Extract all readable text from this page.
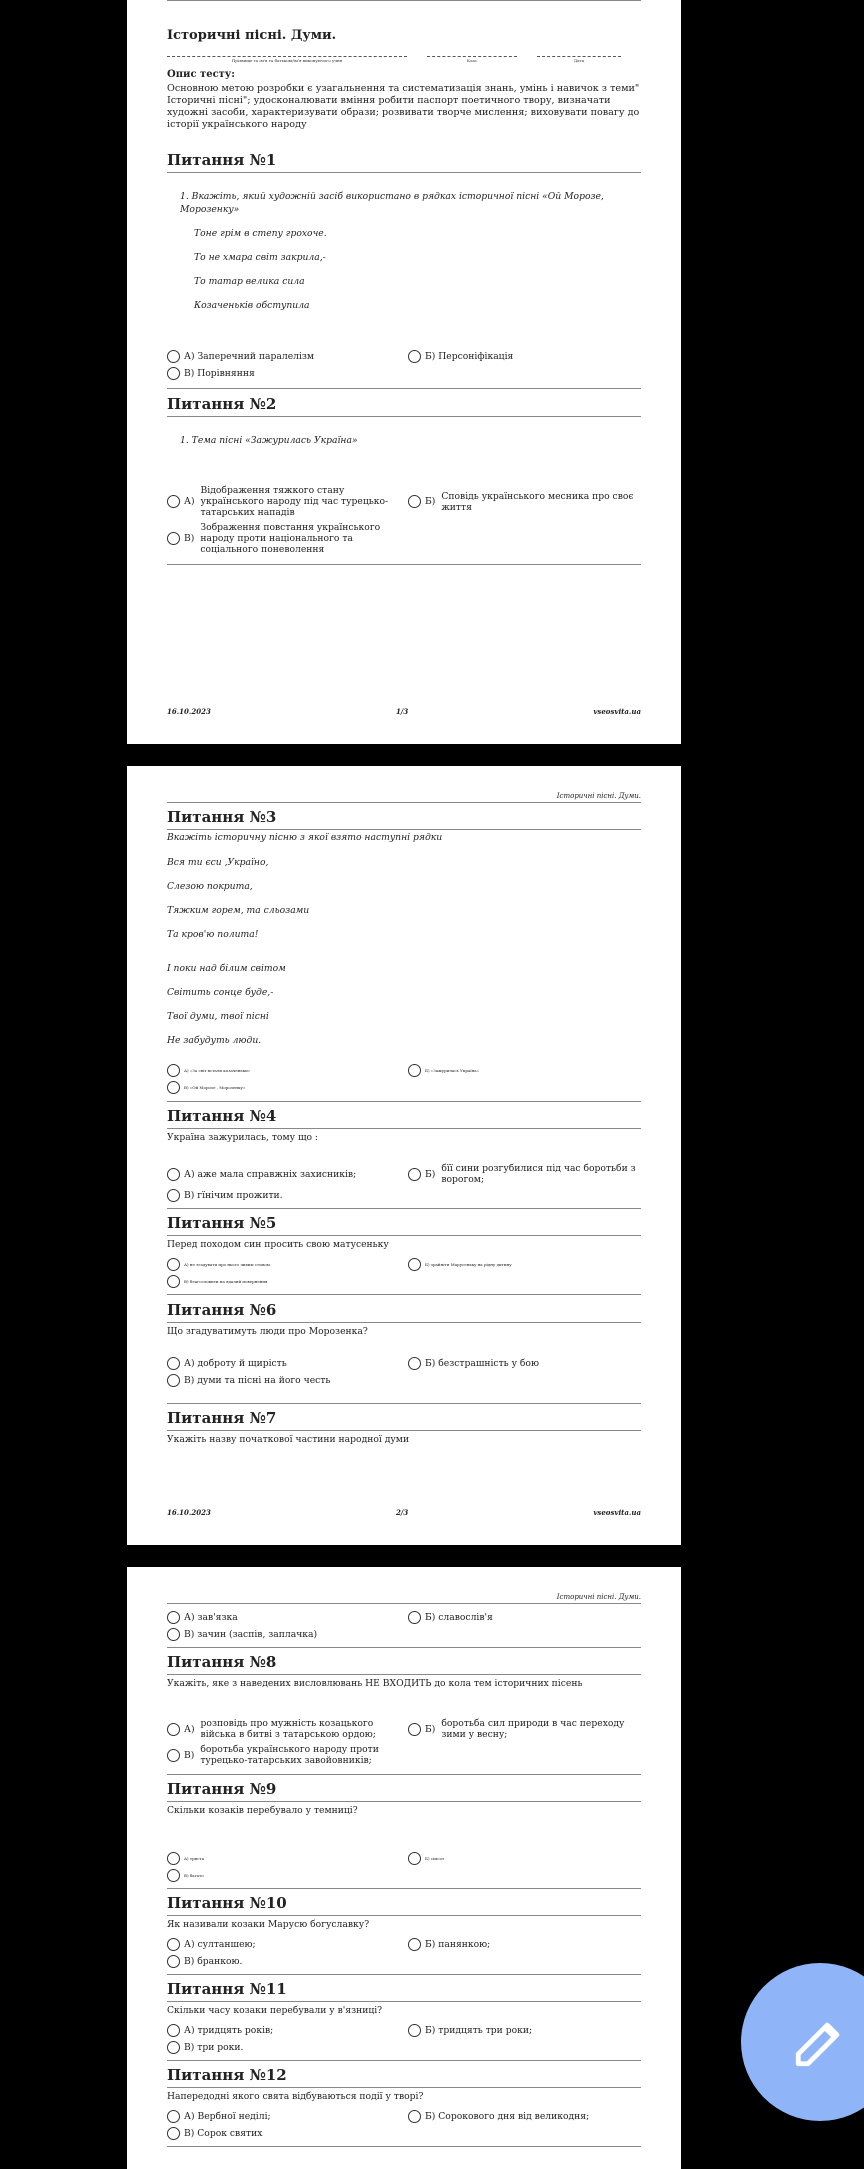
Історичні пісні. Думи.
Прізвище та ім'я та батькові/ім'я виконуючого учня	Клас	Дата
Опис тесту:
Основною метою розробки є узагальнення та систематизація знань, умінь і навичок з теми" Історичні пісні"; удосконалювати вміння робити паспорт поетичного твору, визначати художні засоби, характеризувати образи; розвивати творче мислення; виховувати повагу до історії українського народу
Питання №1
1. Вкажіть, який художній засіб використано в рядках історичної пісні «Ой Морозе, Морозенку»
Тоне грім в степу грохоче.
То не хмара світ закрила,-
То татар велика сила
Козаченьків обступила
А) Заперечний паралелізм	Б) Персоніфікація
В) Порівняння
Питання №2
1. Тема пісні «Зажурилась Україна»
А)
Відображення тяжкого стану українського народу під час турецько-татарських нападів
Б) Сповідь українського месника про своє життя
В)
Зображення повстання українського народу проти національного та соціального поневолення
16.10.2023	1/3	vseosvita.ua
Історичні пісні. Думи.
Питання №3
Вкажіть історичну пісню з якої взято наступні рядки
Вся ти єси ,Україно,
Слезою покрита,
Тяжким горем, та сльозами
Та кров'ю полита!
І поки над білим світом
Світить сонце буде,-
Твої думи, твої пісні
Не забудуть люди.
А) «За світ встали козаченьки»	Б) «Зажурилась Україна»
В) «Ой Морозе , Морозенку»
Питання №4
Україна зажурилась, тому що :
А) аже мала справжніх захисників;	Б) бїї сини розгубилися під час боротьби з ворогом;
В) гїнічим прожити.
Питання №5
Перед походом син просить свою матусеньку
А) не згадувати про нього лихим словом	Б) зрайніти Марусеньку на рідну дитину
В) благословити на вдалий повернення
Питання №6
Що згадуватимуть люди про Морозенка?
А) доброту й щирість	Б) безстрашність у бою
В) думи та пісні на його честь
Питання №7
Укажіть назву початкової частини народної думи
16.10.2023	2/3	vseosvita.ua
Історичні пісні. Думи.
А) зав'язка	Б) славослів'я
В) зачин (заспів, заплачка)
Питання №8
Укажіть, яке з наведених висловлювань НЕ ВХОДИТЬ до кола тем історичних пісень
А) розповідь про мужність козацького війська в битві з татарською ордою;	Б) боротьба сил природи в час переходу зими у весну;
В) боротьба українського народу проти турецько-татарських завойовників;
Питання №9
Скільки козаків перебувало у темниці?
А) триста	Б) сімсот
В) багато
Питання №10
Як називали козаки Марусю богуславку?
А) султаншею;	Б) панянкою;
В) бранкою.
Питання №11
Скільки часу козаки перебували у в'язниці?
А) тридцять років;	Б) тридцять три роки;
В) три роки.
Питання №12
Напередодні якого свята відбуваються події у творі?
А) Вербної неділі;	Б) Сорокового дня від великодня;
В) Сорок святих
